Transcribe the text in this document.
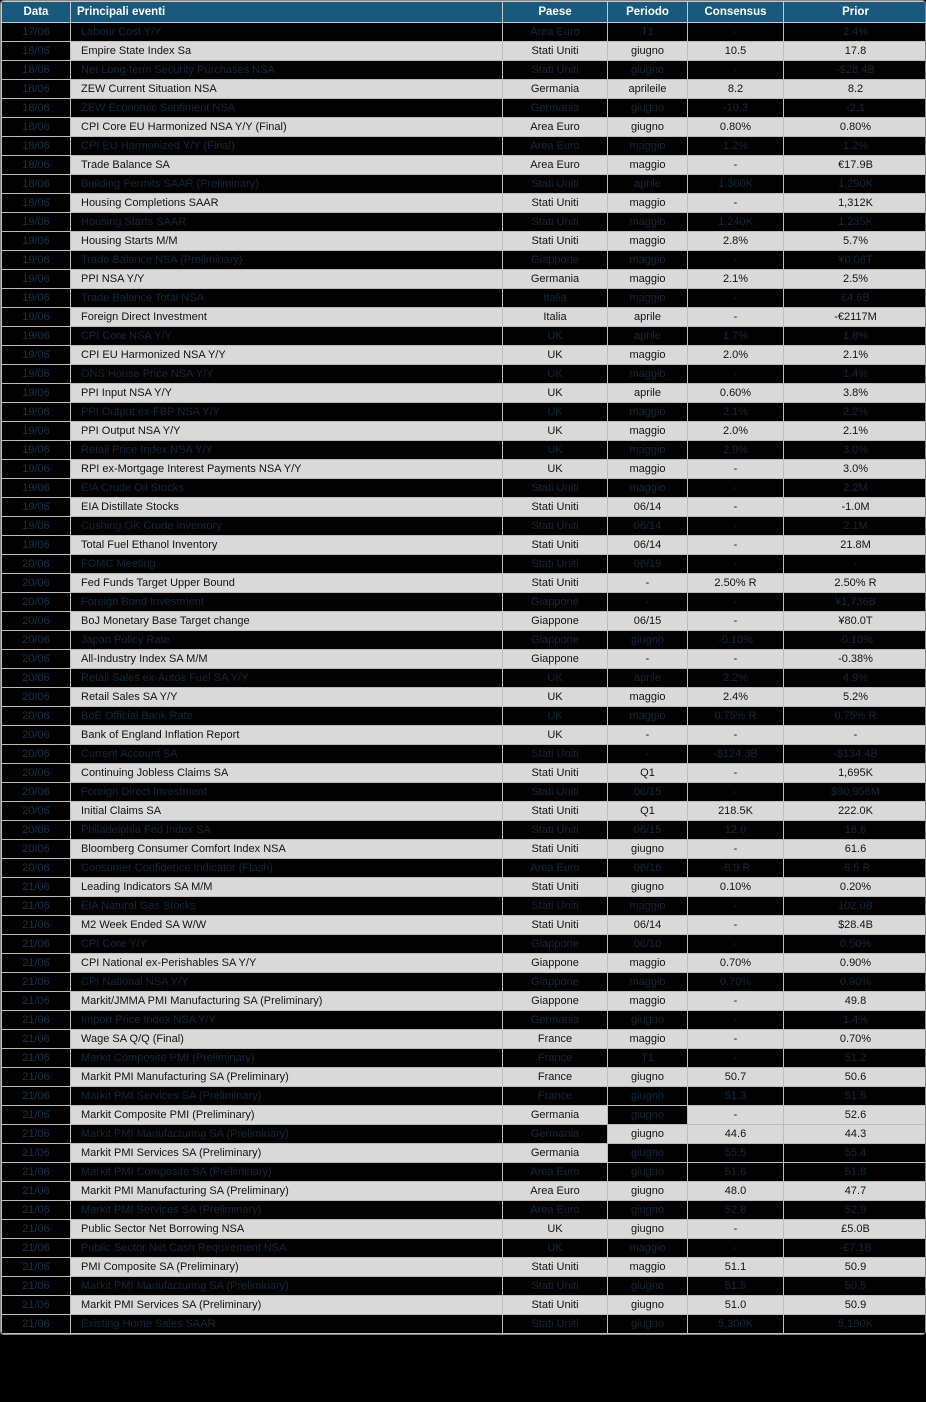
Data	Principali eventi	Paese	Periodo	Consensus	Prior
17/06	Labour Cost Y/Y	Area Euro	T1	-	2.4%
18/06	Empire State Index Sa	Stati Uniti	giugno	10.5	17.8
18/06	Net Long-term Security Purchases NSA	Stati Uniti	giugno	-	-$28.4B
18/06	ZEW Current Situation NSA	Germania	aprileile	8.2	8.2
18/06	ZEW Economic Sentiment NSA	Germania	giugno	-10.3	-2.1
18/06	CPI Core EU Harmonized NSA Y/Y (Final)	Area Euro	giugno	0.80%	0.80%
18/06	CPI EU Harmonized Y/Y (Final)	Area Euro	maggio	1.2%	1.2%
18/06	Trade Balance SA	Area Euro	maggio	-	€17.9B
18/06	Building Permits SAAR (Preliminary)	Stati Uniti	aprile	1,300K	1,290K
18/06	Housing Completions SAAR	Stati Uniti	maggio	-	1,312K
19/06	Housing Starts SAAR	Stati Uniti	maggio	1,240K	1,235K
19/06	Housing Starts M/M	Stati Uniti	maggio	2.8%	5.7%
19/06	Trade Balance NSA (Preliminary)	Giappone	maggio	-	¥0.06T
19/06	PPI NSA Y/Y	Germania	maggio	2.1%	2.5%
19/06	Trade Balance Total NSA	Italia	maggio	-	€4.6B
19/06	Foreign Direct Investment	Italia	aprile	-	-€2117M
19/06	CPI Core NSA Y/Y	UK	aprile	1.7%	1.8%
19/06	CPI EU Harmonized NSA Y/Y	UK	maggio	2.0%	2.1%
19/06	ONS House Price NSA Y/Y	UK	maggio	-	1.4%
19/06	PPI Input NSA Y/Y	UK	aprile	0.60%	3.8%
19/06	PPI Output ex-FBP NSA Y/Y	UK	maggio	2.1%	2.2%
19/06	PPI Output NSA Y/Y	UK	maggio	2.0%	2.1%
19/06	Retail Price Index NSA Y/Y	UK	maggio	2.9%	3.0%
19/06	RPI ex-Mortgage Interest Payments NSA Y/Y	UK	maggio	-	3.0%
19/06	EIA Crude Oil Stocks	Stati Uniti	maggio	-	2.2M
19/06	EIA Distillate Stocks	Stati Uniti	06/14	-	-1.0M
19/06	Cushing OK Crude Inventory	Stati Uniti	06/14	-	2.1M
19/06	Total Fuel Ethanol Inventory	Stati Uniti	06/14	-	21.8M
20/06	FOMC Meeting	Stati Uniti	06/19	-	-
20/06	Fed Funds Target Upper Bound	Stati Uniti	-	2.50% R	2.50% R
20/06	Foreign Bond Investment	Giappone	-	-	¥1,736B
20/06	BoJ Monetary Base Target change	Giappone	06/15	-	¥80.0T
20/06	Japan Policy Rate	Giappone	giugno	-0.10%	-0.10%
20/06	All-Industry Index SA M/M	Giappone	-	-	-0.38%
20/06	Retail Sales ex-Autos Fuel SA Y/Y	UK	aprile	2.2%	4.9%
20/06	Retail Sales SA Y/Y	UK	maggio	2.4%	5.2%
20/06	BoE Official Bank Rate	UK	maggio	0.75% R	0.75% R
20/06	Bank of England Inflation Report	UK	-	-	-
20/06	Current Account SA	Stati Uniti	-	-$124.3B	-$134.4B
20/06	Continuing Jobless Claims SA	Stati Uniti	Q1	-	1,695K
20/06	Foreign Direct Investment	Stati Uniti	06/15	-	$90,956M
20/06	Initial Claims SA	Stati Uniti	Q1	218.5K	222.0K
20/06	Philadelphia Fed Index SA	Stati Uniti	06/15	12.0	16.6
20/06	Bloomberg Consumer Comfort Index NSA	Stati Uniti	giugno	-	61.6
20/06	Consumer Confidence Indicator (Flash)	Area Euro	06/16	-6.9 R	-6.5 R
21/06	Leading Indicators SA M/M	Stati Uniti	giugno	0.10%	0.20%
21/06	EIA Natural Gas Stocks	Stati Uniti	maggio	-	102.0B
21/06	M2 Week Ended SA W/W	Stati Uniti	06/14	-	$28.4B
21/06	CPI Core Y/Y	Giappone	06/10	-	0.50%
21/06	CPI National ex-Perishables SA Y/Y	Giappone	maggio	0.70%	0.90%
21/06	CPI National NSA Y/Y	Giappone	maggio	0.70%	0.90%
21/06	Markit/JMMA PMI Manufacturing SA (Preliminary)	Giappone	maggio	-	49.8
21/06	Import Price Index NSA Y/Y	Germania	giugno	-	1.4%
21/06	Wage SA Q/Q (Final)	France	maggio	-	0.70%
21/06	Markit Composite PMI (Preliminary)	France	T1	-	51.2
21/06	Markit PMI Manufacturing SA (Preliminary)	France	giugno	50.7	50.6
21/06	Markit PMI Services SA (Preliminary)	France	giugno	51.3	51.5
21/06	Markit Composite PMI (Preliminary)	Germania	giugno	-	52.6
21/06	Markit PMI Manufacturing SA (Preliminary)	Germania	giugno	44.6	44.3
21/06	Markit PMI Services SA (Preliminary)	Germania	giugno	55.5	55.4
21/06	Markit PMI Composite SA (Preliminary)	Area Euro	giugno	51.6	51.8
21/06	Markit PMI Manufacturing SA (Preliminary)	Area Euro	giugno	48.0	47.7
21/06	Markit PMI Services SA (Preliminary)	Area Euro	giugno	52.8	52.9
21/06	Public Sector Net Borrowing NSA	UK	giugno	-	£5.0B
21/06	Public Sector Net Cash Requirement NSA	UK	maggio	-	-£7.1B
21/06	PMI Composite SA (Preliminary)	Stati Uniti	maggio	51.1	50.9
21/06	Markit PMI Manufacturing SA (Preliminary)	Stati Uniti	giugno	51.5	50.5
21/06	Markit PMI Services SA (Preliminary)	Stati Uniti	giugno	51.0	50.9
21/06	Existing Home Sales SAAR	Stati Uniti	giugno	5,300K	5,190K
